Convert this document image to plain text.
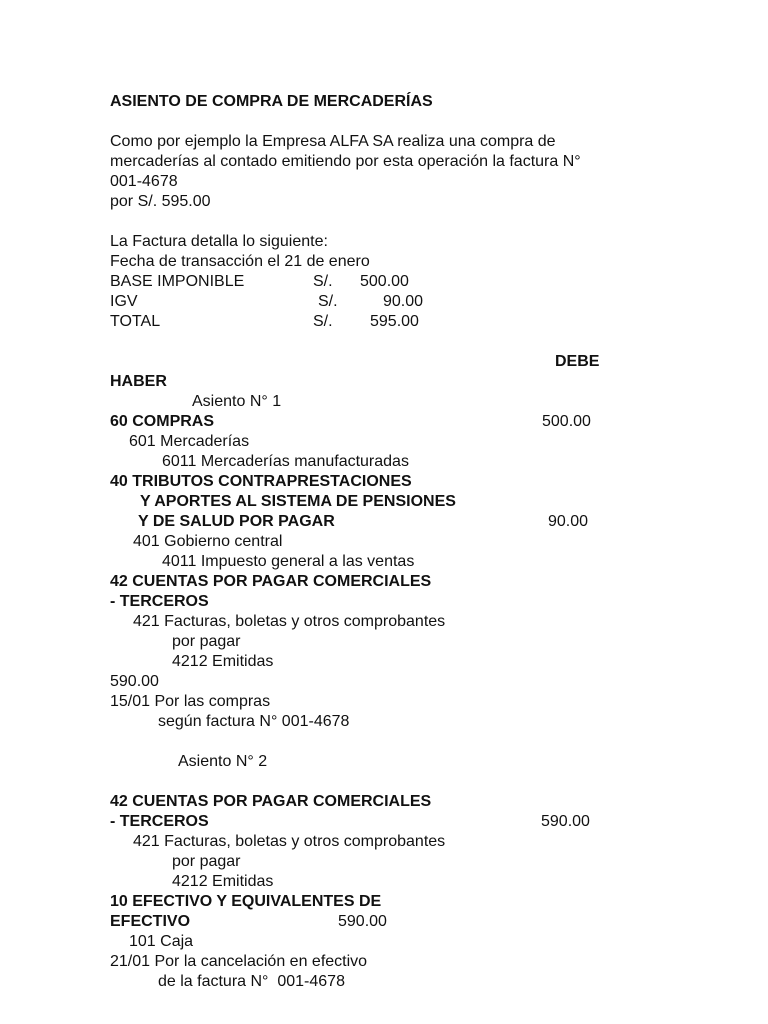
ASIENTO DE COMPRA DE MERCADERÍAS
Como por ejemplo la Empresa ALFA SA realiza una compra de
mercaderías al contado emitiendo por esta operación la factura N°
001-4678
por S/. 595.00
La Factura detalla lo siguiente:
Fecha de transacción el 21 de enero
BASE IMPONIBLE	S/. 500.00
IGV	S/.	90.00
TOTAL	S/. 595.00
DEBE
HABER
Asiento N° 1
60 COMPRAS	500.00
601 Mercaderías
6011 Mercaderías manufacturadas
40 TRIBUTOS CONTRAPRESTACIONES
Y APORTES AL SISTEMA DE PENSIONES
Y DE SALUD POR PAGAR	90.00
401 Gobierno central
4011 Impuesto general a las ventas
42 CUENTAS POR PAGAR COMERCIALES
- TERCEROS
421 Facturas, boletas y otros comprobantes
por pagar
4212 Emitidas
590.00
15/01 Por las compras
según factura N° 001-4678
Asiento N° 2
42 CUENTAS POR PAGAR COMERCIALES
- TERCEROS	590.00
421 Facturas, boletas y otros comprobantes
por pagar
4212 Emitidas
10 EFECTIVO Y EQUIVALENTES DE
EFECTIVO	590.00
101 Caja
21/01 Por la cancelación en efectivo
de la factura N°  001-4678
